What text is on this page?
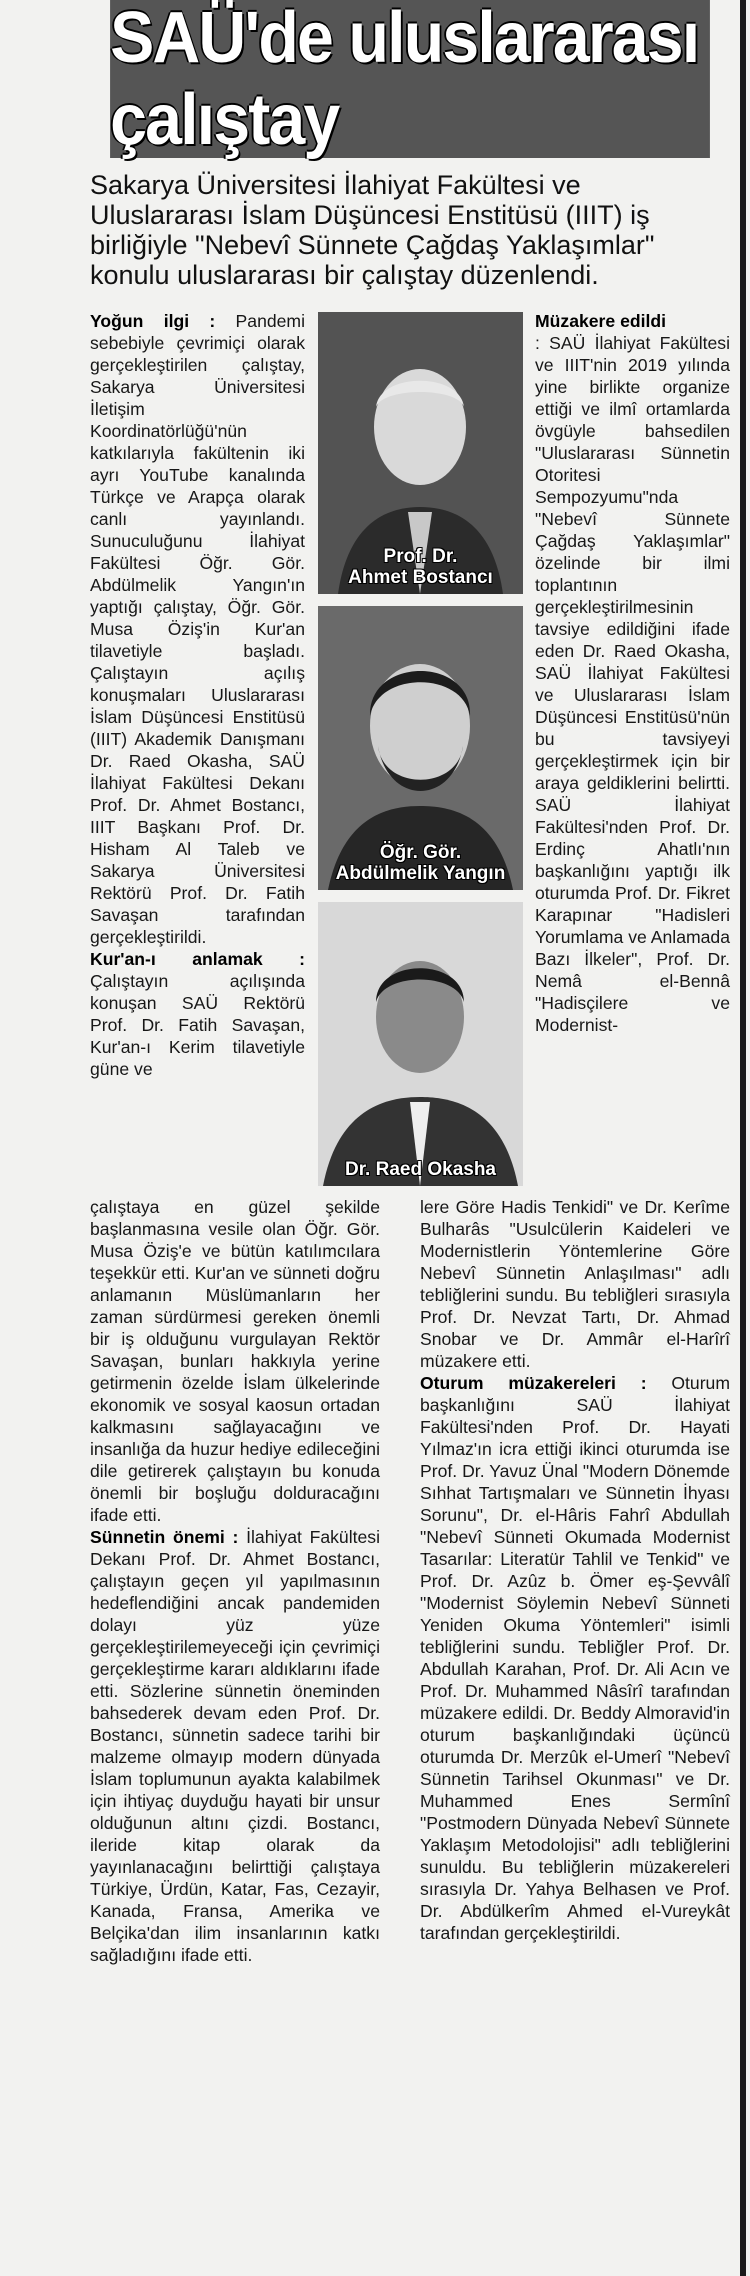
SAÜ'de uluslararası çalıştay
Sakarya Üniversitesi İlahiyat Fakültesi ve Uluslararası İslam Düşüncesi Enstitüsü (IIIT) iş birliğiyle "Nebevî Sünnete Çağdaş Yaklaşımlar" konulu uluslararası bir çalıştay düzenlendi.

Yoğun ilgi : Pandemi sebebiyle çevrimiçi olarak gerçekleştirilen çalıştay, Sakarya Üniversitesi İletişim Koordinatörlüğü'nün katkılarıyla fakültenin iki ayrı YouTube kanalında Türkçe ve Arapça olarak canlı yayınlandı. Sunuculuğunu İlahiyat Fakültesi Öğr. Gör. Abdülmelik Yangın'ın yaptığı çalıştay, Öğr. Gör. Musa Öziş'in Kur'an tilavetiyle başladı. Çalıştayın açılış konuşmaları Uluslararası İslam Düşüncesi Enstitüsü (IIIT) Akademik Danışmanı Dr. Raed Okasha, SAÜ İlahiyat Fakültesi Dekanı Prof. Dr. Ahmet Bostancı, IIIT Başkanı Prof. Dr. Hisham Al Taleb ve Sakarya Üniversitesi Rektörü Prof. Dr. Fatih Savaşan tarafından gerçekleştirildi.

Kur'an-ı anlamak : Çalıştayın açılışında konuşan SAÜ Rektörü Prof. Dr. Fatih Savaşan, Kur'an-ı Kerim tilavetiyle güne ve

Prof. Dr.
Ahmet Bostancı
Öğr. Gör.
Abdülmelik Yangın
Dr. Raed Okasha

Müzakere edildi
: SAÜ İlahiyat Fakültesi ve IIIT'nin 2019 yılında yine birlikte organize ettiği ve ilmî ortamlarda övgüyle bahsedilen "Uluslararası Sünnetin Otoritesi Sempozyumu"nda "Nebevî Sünnete Çağdaş Yaklaşımlar" özelinde bir ilmi toplantının gerçekleştirilmesinin tavsiye edildiğini ifade eden Dr. Raed Okasha, SAÜ İlahiyat Fakültesi ve Uluslararası İslam Düşüncesi Enstitüsü'nün bu tavsiyeyi gerçekleştirmek için bir araya geldiklerini belirtti. SAÜ İlahiyat Fakültesi'nden Prof. Dr. Erdinç Ahatlı'nın başkanlığını yaptığı ilk oturumda Prof. Dr. Fikret Karapınar "Hadisleri Yorumlama ve Anlamada Bazı İlkeler", Prof. Dr. Nemâ el-Bennâ "Hadisçilere ve Modernist-

çalıştaya en güzel şekilde başlanmasına vesile olan Öğr. Gör. Musa Öziş'e ve bütün katılımcılara teşekkür etti. Kur'an ve sünneti doğru anlamanın Müslümanların her zaman sürdürmesi gereken önemli bir iş olduğunu vurgulayan Rektör Savaşan, bunları hakkıyla yerine getirmenin özelde İslam ülkelerinde ekonomik ve sosyal kaosun ortadan kalkmasını sağlayacağını ve insanlığa da huzur hediye edileceğini dile getirerek çalıştayın bu konuda önemli bir boşluğu dolduracağını ifade etti.

Sünnetin önemi : İlahiyat Fakültesi Dekanı Prof. Dr. Ahmet Bostancı, çalıştayın geçen yıl yapılmasının hedeflendiğini ancak pandemiden dolayı yüz yüze gerçekleştirilemeyeceği için çevrimiçi gerçekleştirme kararı aldıklarını ifade etti. Sözlerine sünnetin öneminden bahsederek devam eden Prof. Dr. Bostancı, sünnetin sadece tarihi bir malzeme olmayıp modern dünyada İslam toplumunun ayakta kalabilmek için ihtiyaç duyduğu hayati bir unsur olduğunun altını çizdi. Bostancı, ileride kitap olarak da yayınlanacağını belirttiği çalıştaya Türkiye, Ürdün, Katar, Fas, Cezayir, Kanada, Fransa, Amerika ve Belçika'dan ilim insanlarının katkı sağladığını ifade etti.

lere Göre Hadis Tenkidi" ve Dr. Kerîme Bulharâs "Usulcülerin Kaideleri ve Modernistlerin Yöntemlerine Göre Nebevî Sünnetin Anlaşılması" adlı tebliğlerini sundu. Bu tebliğleri sırasıyla Prof. Dr. Nevzat Tartı, Dr. Ahmad Snobar ve Dr. Ammâr el-Harîrî müzakere etti.

Oturum müzakereleri : Oturum başkanlığını SAÜ İlahiyat Fakültesi'nden Prof. Dr. Hayati Yılmaz'ın icra ettiği ikinci oturumda ise Prof. Dr. Yavuz Ünal "Modern Dönemde Sıhhat Tartışmaları ve Sünnetin İhyası Sorunu", Dr. el-Hâris Fahrî Abdullah "Nebevî Sünneti Okumada Modernist Tasarılar: Literatür Tahlil ve Tenkid" ve Prof. Dr. Azûz b. Ömer eş-Şevvâlî "Modernist Söylemin Nebevî Sünneti Yeniden Okuma Yöntemleri" isimli tebliğlerini sundu. Tebliğler Prof. Dr. Abdullah Karahan, Prof. Dr. Ali Acın ve Prof. Dr. Muhammed Nâsîrî tarafından müzakere edildi. Dr. Beddy Almoravid'in oturum başkanlığındaki üçüncü oturumda Dr. Merzûk el-Umerî "Nebevî Sünnetin Tarihsel Okunması" ve Dr. Muhammed Enes Sermînî "Postmodern Dünyada Nebevî Sünnete Yaklaşım Metodolojisi" adlı tebliğlerini sunuldu. Bu tebliğlerin müzakereleri sırasıyla Dr. Yahya Belhasen ve Prof. Dr. Abdülkerîm Ahmed el-Vureykât tarafından gerçekleştirildi.
